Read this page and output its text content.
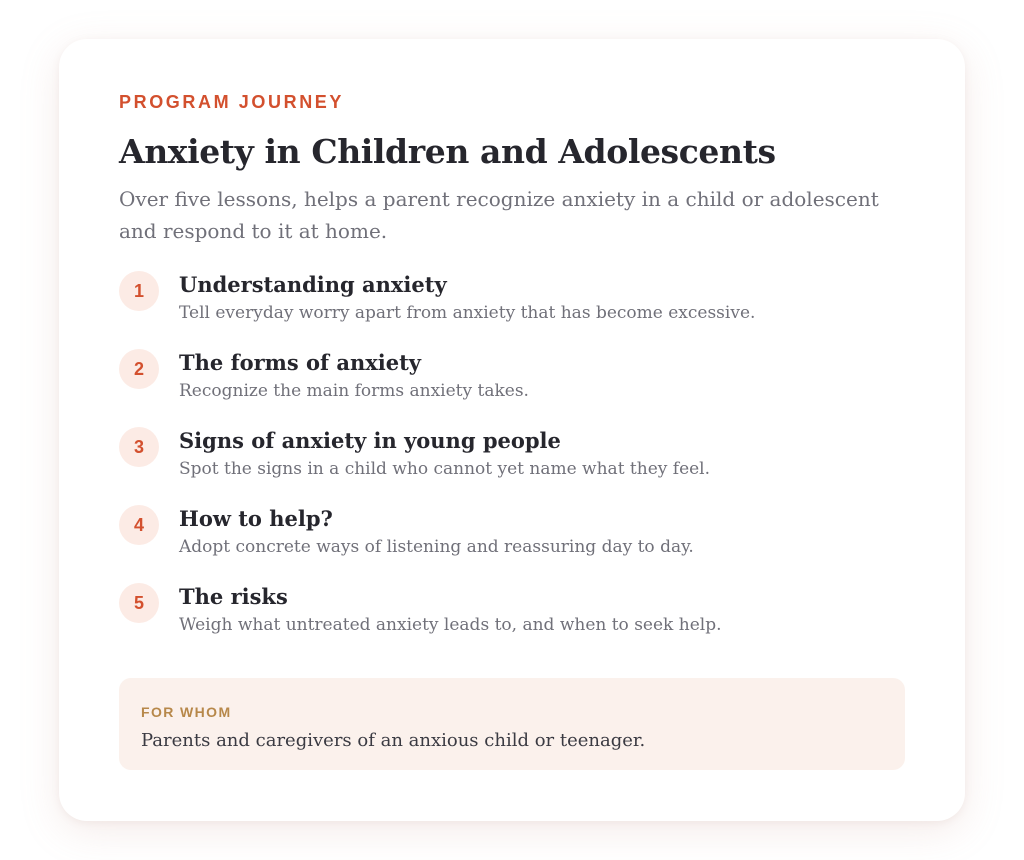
PROGRAM JOURNEY
Anxiety in Children and Adolescents

Over five lessons, helps a parent recognize anxiety in a child or adolescent and respond to it at home.

1	Understanding anxiety
Tell everyday worry apart from anxiety that has become excessive.
2	The forms of anxiety
Recognize the main forms anxiety takes.
3	Signs of anxiety in young people
Spot the signs in a child who cannot yet name what they feel.
4	How to help?
Adopt concrete ways of listening and reassuring day to day.
5	The risks
Weigh what untreated anxiety leads to, and when to seek help.
FOR WHOM
Parents and caregivers of an anxious child or teenager.
